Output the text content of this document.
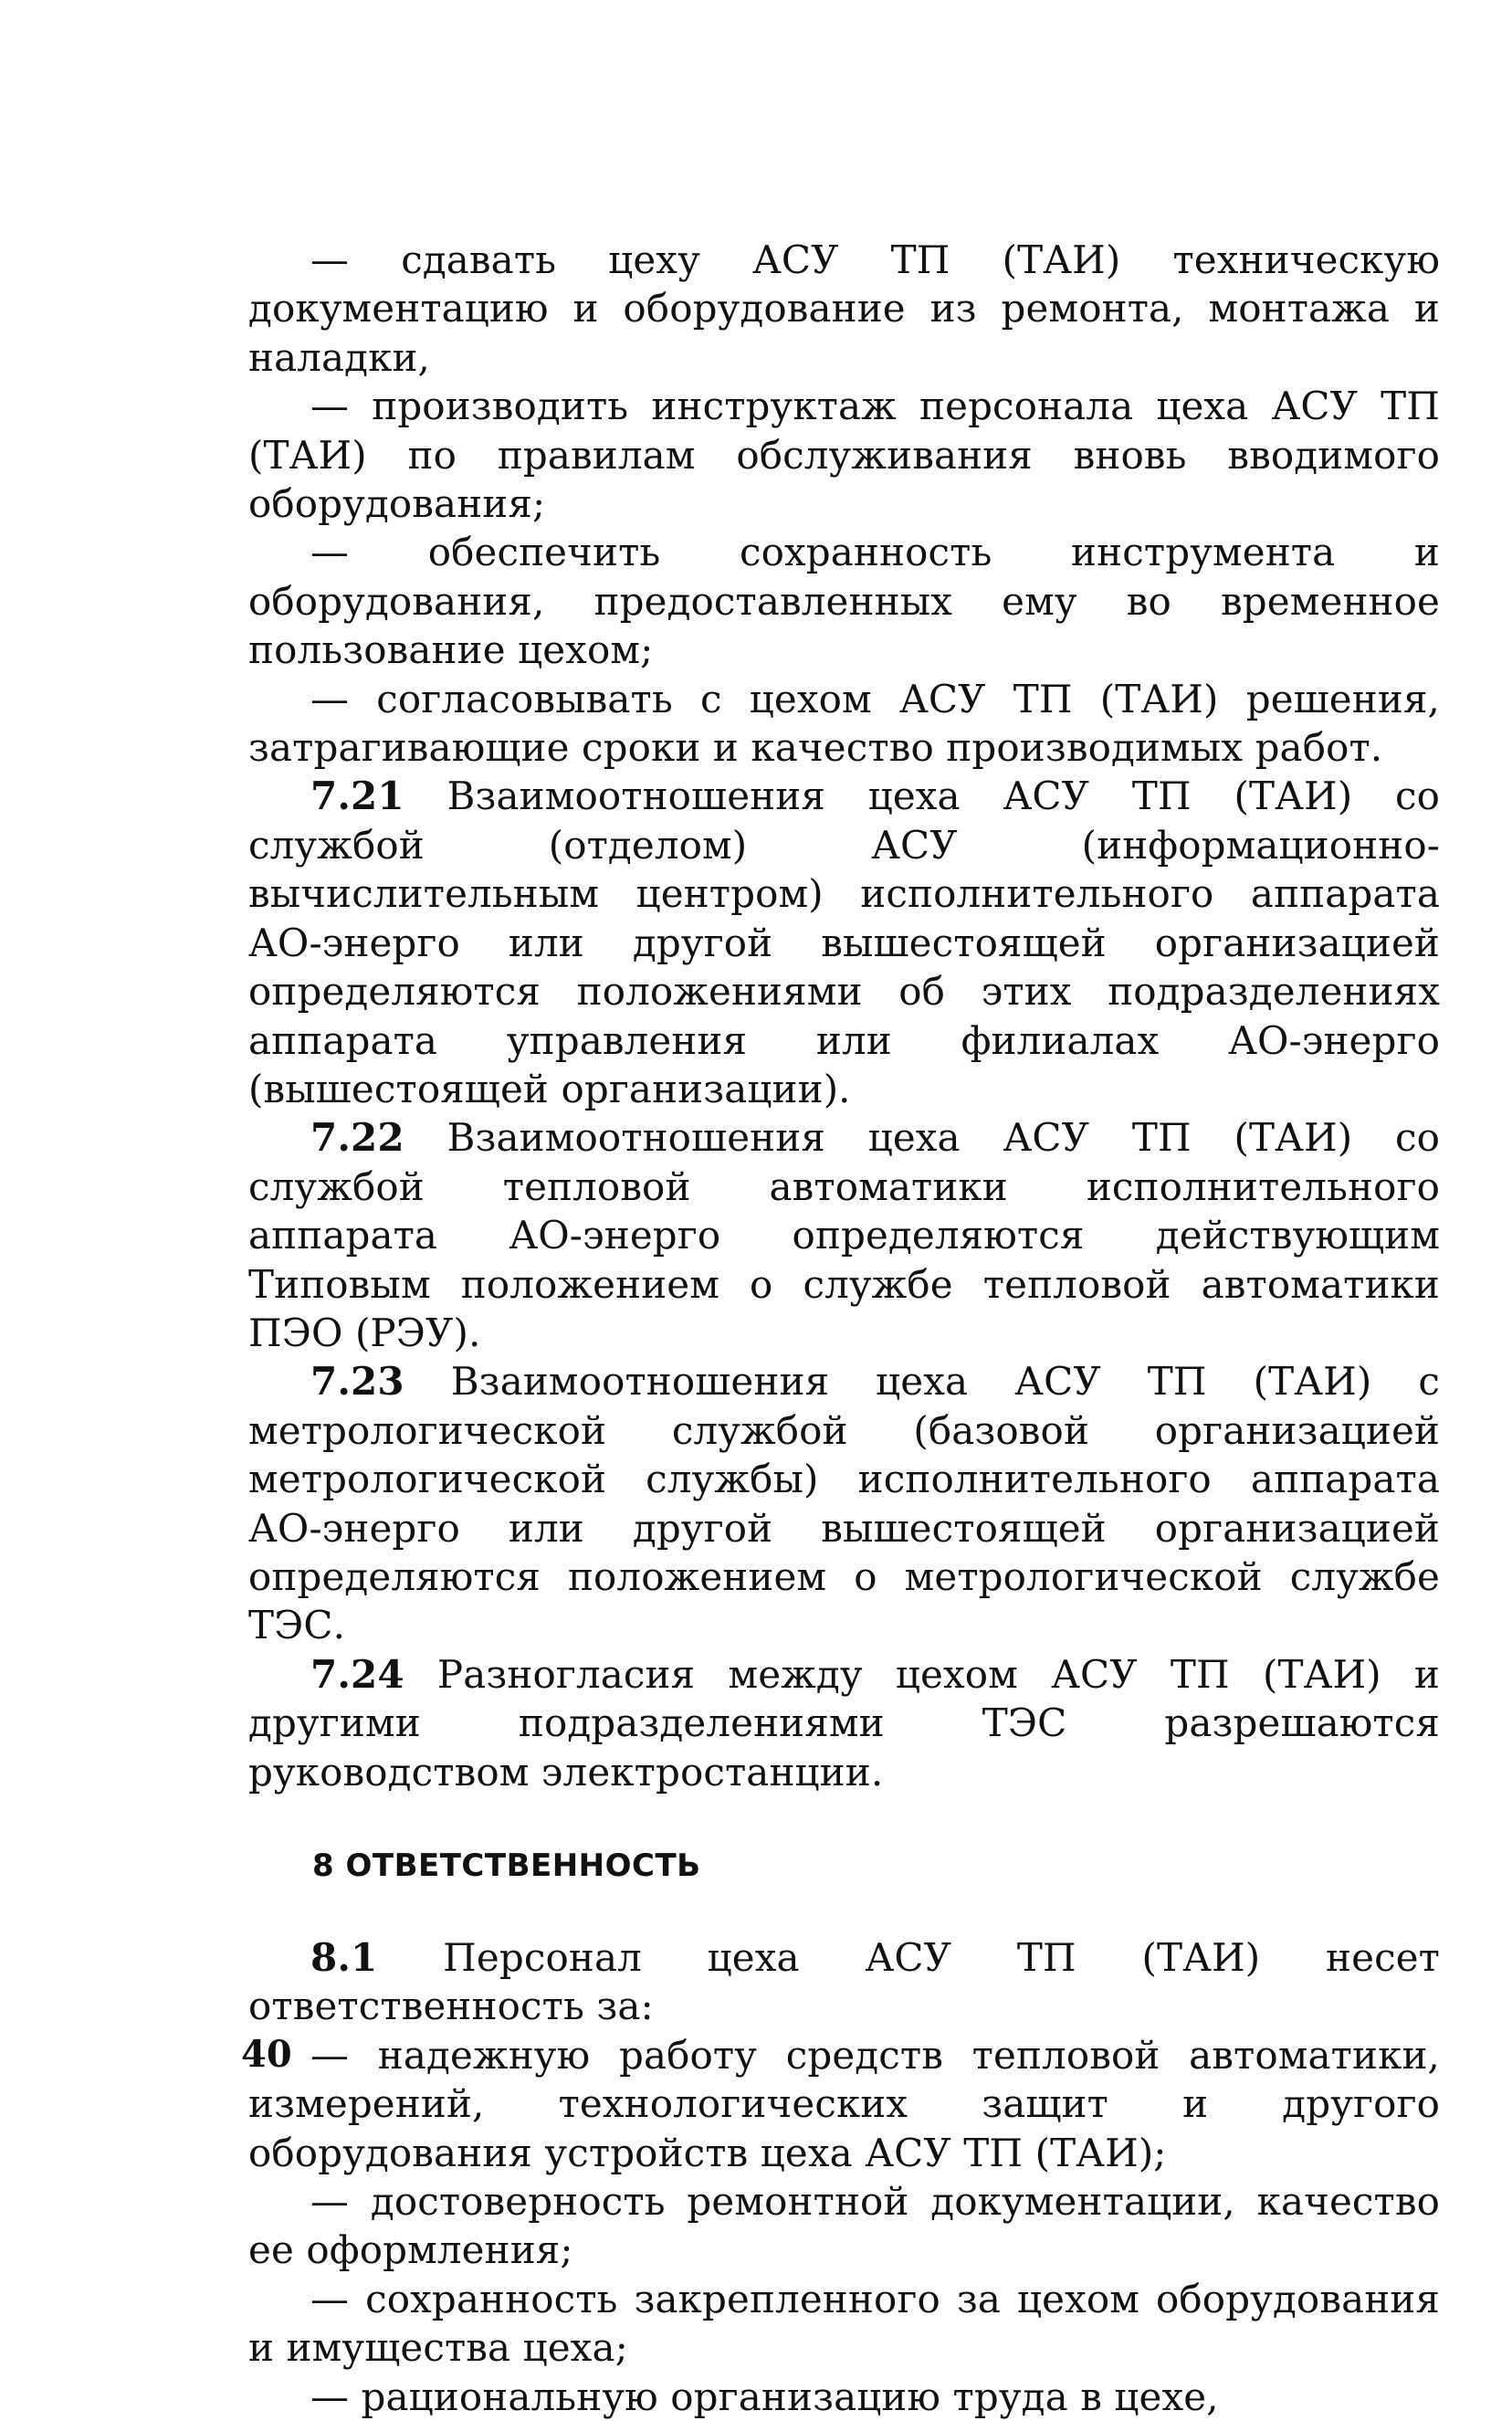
— сдавать цеху АСУ ТП (ТАИ) техническую документацию и оборудование из ремонта, монтажа и наладки,

— производить инструктаж персонала цеха АСУ ТП (ТАИ) по правилам обслуживания вновь вводимого оборудования;

— обеспечить сохранность инструмента и оборудования, предоставленных ему во временное пользование цехом;

— согласовывать с цехом АСУ ТП (ТАИ) решения, затрагивающие сроки и качество производимых работ.

7.21 Взаимоотношения цеха АСУ ТП (ТАИ) со службой (отделом) АСУ (информационно-вычислительным центром) исполнительного аппарата АО-энерго или другой вышестоящей организацией определяются положениями об этих подразделениях аппарата управления или филиалах АО-энерго (вышестоящей организации).

7.22 Взаимоотношения цеха АСУ ТП (ТАИ) со службой тепловой автоматики исполнительного аппарата АО-энерго определяются действующим Типовым положением о службе тепловой автоматики ПЭО (РЭУ).

7.23 Взаимоотношения цеха АСУ ТП (ТАИ) с метрологической службой (базовой организацией метрологической службы) исполнительного аппарата АО-энерго или другой вышестоящей организацией определяются положением о метрологической службе ТЭС.

7.24 Разногласия между цехом АСУ ТП (ТАИ) и другими подразделениями ТЭС разрешаются руководством электростанции.

8 ОТВЕТСТВЕННОСТЬ

8.1 Персонал цеха АСУ ТП (ТАИ) несет ответственность за:

— надежную работу средств тепловой автоматики, измерений, технологических защит и другого оборудования устройств цеха АСУ ТП (ТАИ);

— достоверность ремонтной документации, качество ее оформления;

— сохранность закрепленного за цехом оборудования и имущества цеха;

— рациональную организацию труда в цехе,

40
